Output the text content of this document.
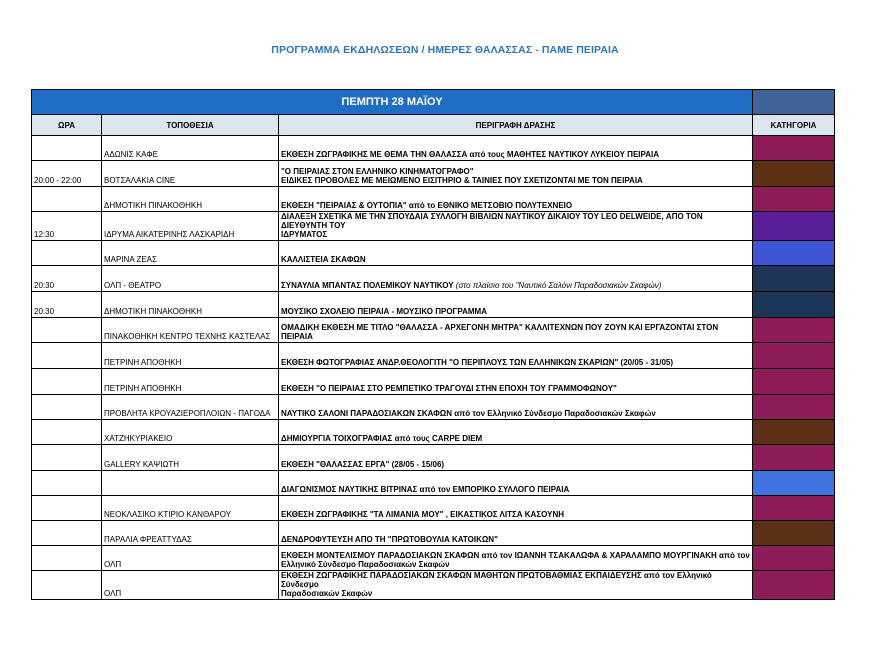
ΠΡΟΓΡΑΜΜΑ ΕΚΔΗΛΩΣΕΩΝ / ΗΜΕΡΕΣ ΘΑΛΑΣΣΑΣ - ΠΑΜΕ ΠΕΙΡΑΙΑ
ΠΕΜΠΤΗ 28 ΜΑΪΟΥ			
ΩΡΑ	ΤΟΠΟΘΕΣΙΑ	ΠΕΡΙΓΡΑΦΗ ΔΡΑΣΗΣ	ΚΑΤΗΓΟΡΙΑ
	ΑΔΩΝΙΣ ΚΑΦΕ	ΕΚΘΕΣΗ ΖΩΓΡΑΦΙΚΗΣ ΜΕ ΘΕΜΑ ΤΗΝ ΘΑΛΑΣΣΑ από τους ΜΑΘΗΤΕΣ ΝΑΥΤΙΚΟΥ ΛΥΚΕΙΟΥ ΠΕΙΡΑΙΑ	

20:00 - 22:00	ΒΟΤΣΑΛΑΚΙΑ CINE	"Ο ΠΕΙΡΑΙΑΣ ΣΤΟΝ ΕΛΛΗΝΙΚΟ ΚΙΝΗΜΑΤΟΓΡΑΦΟ"
ΕΙΔΙΚΕΣ ΠΡΟΒΟΛΕΣ ΜΕ ΜΕΙΩΜΕΝΟ ΕΙΣΙΤΗΡΙΟ & ΤΑΙΝΙΕΣ ΠΟΥ ΣΧΕΤΙΖΟΝΤΑΙ ΜΕ ΤΟΝ ΠΕΙΡΑΙΑ	

	ΔΗΜΟΤΙΚΗ ΠΙΝΑΚΟΘΗΚΗ	ΕΚΘΕΣΗ "ΠΕΙΡΑΙΑΣ & ΟΥΤΟΠΙΑ" από το ΕΘΝΙΚΟ ΜΕΤΣΟΒΙΟ ΠΟΛΥΤΕΧΝΕΙΟ	

12:30	ΙΔΡΥΜΑ ΑΙΚΑΤΕΡΙΝΗΣ ΛΑΣΚΑΡΙΔΗ	ΔΙΑΛΕΞΗ ΣΧΕΤΙΚΑ ΜΕ ΤΗΝ ΣΠΟΥΔΑΙΑ ΣΥΛΛΟΓΗ ΒΙΒΛΙΩΝ ΝΑΥΤΙΚΟΥ ΔΙΚΑΙΟΥ TOY LEO DELWEIDE, ΑΠΟ ΤΟΝ ΔΙΕΥΘΥΝΤΗ ΤΟΥ
ΙΔΡΥΜΑΤΟΣ	

	ΜΑΡΙΝΑ ΖΕΑΣ	ΚΑΛΛΙΣΤΕΙΑ ΣΚΑΦΩΝ	

20:30	ΟΛΠ - ΘΕΑΤΡΟ	ΣΥΝΑΥΛΙΑ ΜΠΑΝΤΑΣ ΠΟΛΕΜΙΚΟΥ ΝΑΥΤΙΚΟΥ (στο πλαίσιο του "Ναυτικό Σαλόνι Παραδοσιακών Σκαφών)	

20:30	ΔΗΜΟΤΙΚΗ ΠΙΝΑΚΟΘΗΚΗ	ΜΟΥΣΙΚΟ ΣΧΟΛΕΙΟ ΠΕΙΡΑΙΑ - ΜΟΥΣΙΚΟ ΠΡΟΓΡΑΜΜΑ	

	ΠΙΝΑΚΟΘΗΚΗ ΚΕΝΤΡΟ ΤΕΧΝΗΣ ΚΑΣΤΕΛΑΣ	ΟΜΑΔΙΚΗ ΕΚΘΕΣΗ ΜΕ ΤΙΤΛΟ "ΘΑΛΑΣΣΑ - ΑΡΧΕΓΟΝΗ ΜΗΤΡΑ" ΚΑΛΛΙΤΕΧΝΩΝ ΠΟΥ ΖΟΥΝ ΚΑΙ ΕΡΓΑΖΟΝΤΑΙ ΣΤΟΝ ΠΕΙΡΑΙΑ	

	ΠΕΤΡΙΝΗ ΑΠΟΘΗΚΗ	ΕΚΘΕΣΗ ΦΩΤΟΓΡΑΦΙΑΣ ΑΝΔΡ.ΘΕΟΛΟΓΙΤΗ "Ο ΠΕΡΙΠΛΟΥΣ ΤΩΝ ΕΛΛΗΝΙΚΩΝ ΣΚΑΡΙΩΝ" (20/05 - 31/05)	

	ΠΕΤΡΙΝΗ ΑΠΟΘΗΚΗ	ΕΚΘΕΣΗ "Ο ΠΕΙΡΑΙΑΣ ΣΤΟ ΡΕΜΠΕΤΙΚΟ ΤΡΑΓΟΥΔΙ ΣΤΗΝ ΕΠΟΧΗ ΤΟΥ ΓΡΑΜΜΟΦΩΝΟΥ"	

	ΠΡΟΒΛΗΤΑ ΚΡΟΥΑΖΙΕΡΟΠΛΟΙΩΝ - ΠΑΓΟΔΑ	ΝΑΥΤΙΚΟ ΣΑΛΟΝΙ ΠΑΡΑΔΟΣΙΑΚΩΝ ΣΚΑΦΩΝ από τον Ελληνικό Σύνδεσμο Παραδοσιακών Σκαφών	

	ΧΑΤΖΗΚΥΡΙΑΚΕΙΟ	ΔΗΜΙΟΥΡΓΙΑ ΤΟΙΧΟΓΡΑΦΙΑΣ από τους CARPE DIEM	

	GALLERY ΚΑΨΙΩΤΗ	ΕΚΘΕΣΗ "ΘΑΛΑΣΣΑΣ ΕΡΓΑ" (28/05 - 15/06)	

		ΔΙΑΓΩΝΙΣΜΟΣ ΝΑΥΤΙΚΗΣ ΒΙΤΡΙΝΑΣ από τον ΕΜΠΟΡΙΚΟ ΣΥΛΛΟΓΟ ΠΕΙΡΑΙΑ	

	ΝΕΟΚΛΑΣΙΚΟ ΚΤΙΡΙΟ ΚΑΝΘΑΡΟΥ	ΕΚΘΕΣΗ ΖΩΓΡΑΦΙΚΗΣ "ΤΑ ΛΙΜΑΝΙΑ ΜΟΥ" , ΕΙΚΑΣΤΙΚΟΣ ΛΙΤΣΑ ΚΑΣΟΥΝΗ	

	ΠΑΡΑΛΙΑ ΦΡΕΑΤΤΥΔΑΣ	ΔΕΝΔΡΟΦΥΤΕΥΣΗ ΑΠΟ ΤΗ "ΠΡΩΤΟΒΟΥΛΙΑ ΚΑΤΟΙΚΩΝ"	

	ΟΛΠ	ΕΚΘΕΣΗ ΜΟΝΤΕΛΙΣΜΟΥ ΠΑΡΑΔΟΣΙΑΚΩΝ ΣΚΑΦΩΝ από τον ΙΩΑΝΝΗ ΤΣΑΚΑΛΩΦΑ & ΧΑΡΑΛΑΜΠΟ ΜΟΥΡΓΙΝΑΚΗ από τον
Ελληνικό Σύνδεσμο Παραδοσιακών Σκαφών	

	ΟΛΠ	ΕΚΘΕΣΗ ΖΩΓΡΑΦΙΚΗΣ ΠΑΡΑΔΟΣΙΑΚΩΝ ΣΚΑΦΩΝ ΜΑΘΗΤΩΝ ΠΡΩΤΟΒΑΘΜΙΑΣ ΕΚΠΑΙΔΕΥΣΗΣ από τον Ελληνικό Σύνδεσμο
Παραδοσιακών Σκαφών	
